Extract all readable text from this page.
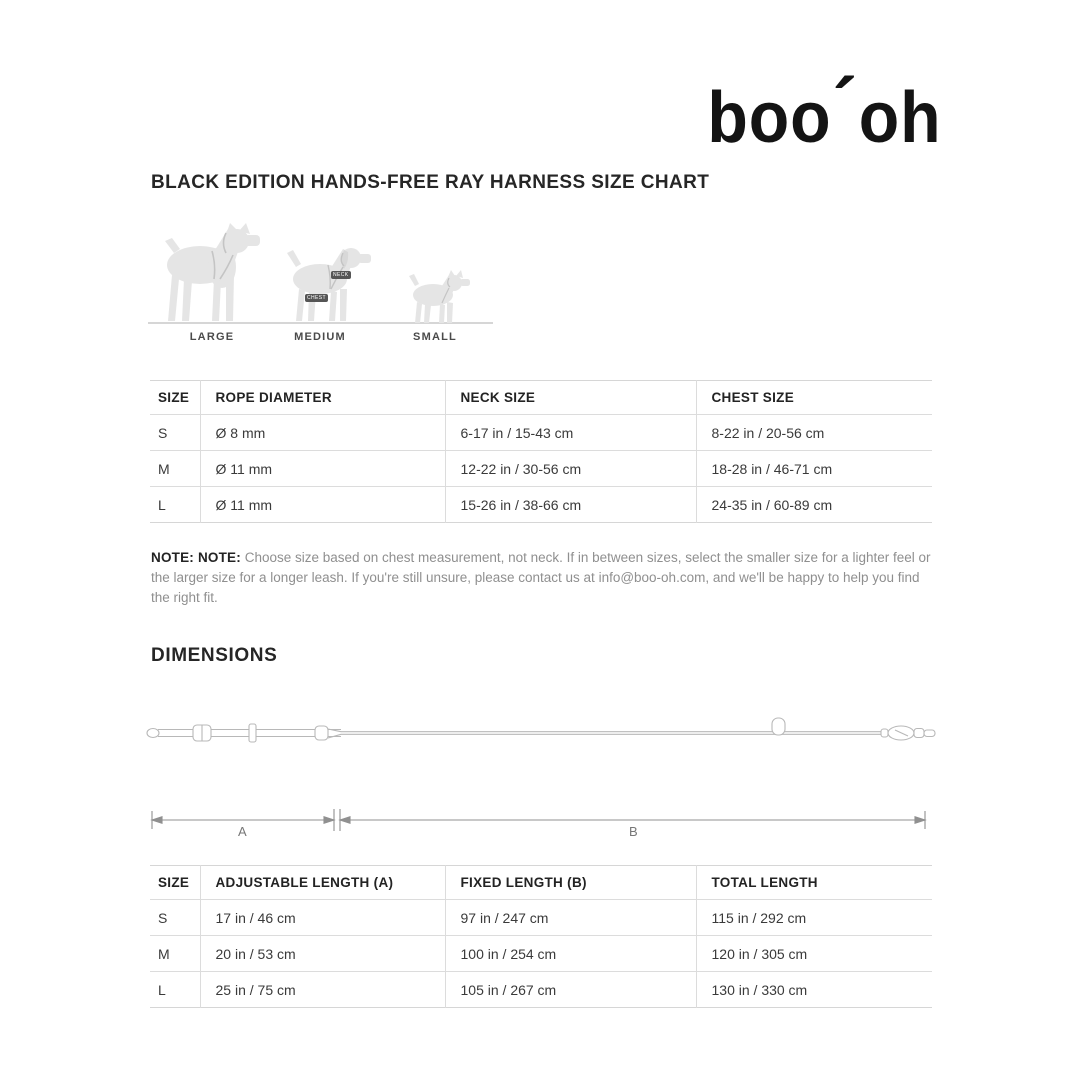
boo ´ oh
BLACK EDITION HANDS-FREE RAY HARNESS SIZE CHART
NECK
CHEST
LARGE	MEDIUM	SMALL
SIZE	ROPE DIAMETER	NECK SIZE	CHEST SIZE
S	Ø 8 mm	6-17 in / 15-43 cm	8-22 in / 20-56 cm
M	Ø 11 mm	12-22 in / 30-56 cm	18-28 in / 46-71 cm
L	Ø 11 mm	15-26 in / 38-66 cm	24-35 in / 60-89 cm
NOTE: NOTE: Choose size based on chest measurement, not neck. If in between sizes, select the smaller size for a lighter feel or the larger size for a longer leash. If you're still unsure, please contact us at info@boo-oh.com, and we'll be happy to help you find the right fit.
DIMENSIONS
A	B
SIZE	ADJUSTABLE LENGTH (A)	FIXED LENGTH (B)	TOTAL LENGTH
S	17 in / 46 cm	97 in / 247 cm	115 in / 292 cm
M	20 in / 53 cm	100 in / 254 cm	120 in / 305 cm
L	25 in / 75 cm	105 in / 267 cm	130 in / 330 cm
